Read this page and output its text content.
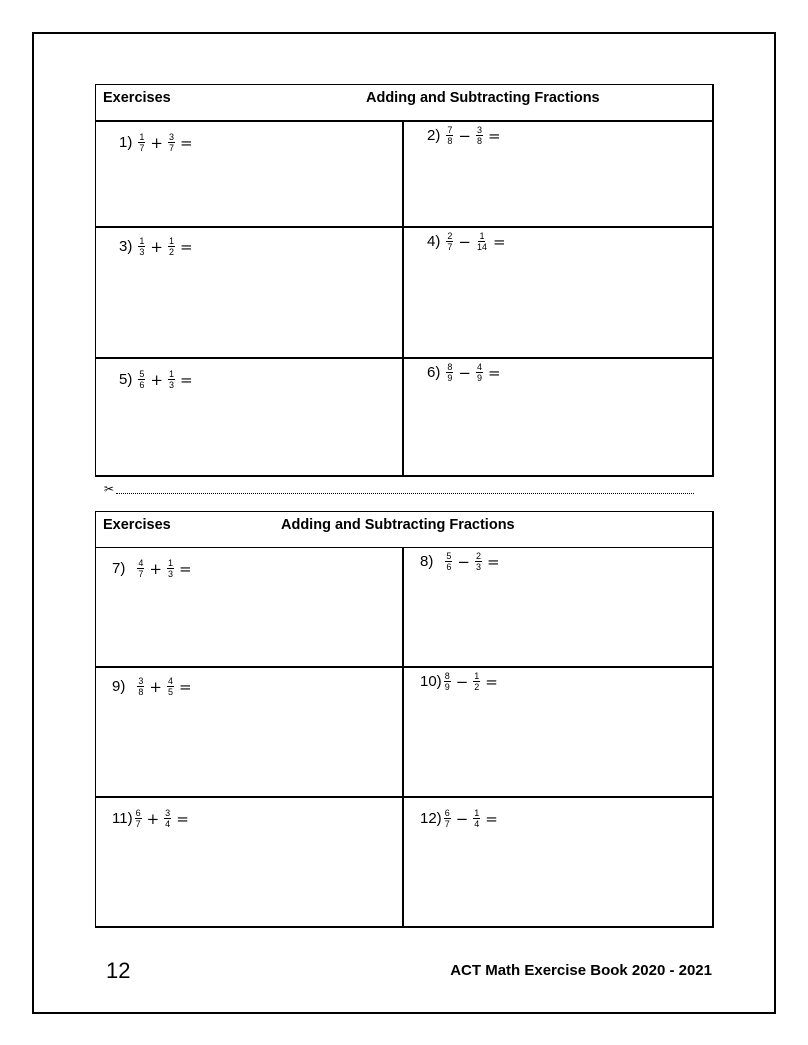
Exercises	Adding and Subtracting Fractions
$1) \frac{1}{7} + \frac{3}{7}$ =	$2) \frac{7}{8} - \frac{3}{8}$ =
$3) \frac{1}{3} + \frac{1}{2}$ =	$4) \frac{2}{7} - \frac{1}{14}$ =
$5) \frac{5}{6} + \frac{1}{3}$ =	$6) \frac{8}{9} - \frac{4}{9}$ =
✂
Exercises	Adding and Subtracting Fractions
$7) \frac{4}{7} + \frac{1}{3}$ =	$8) \frac{5}{6} - \frac{2}{3}$ =
$9) \frac{3}{8} + \frac{4}{5}$ =	$10) \frac{8}{9} - \frac{1}{2}$ =
$11) \frac{6}{7} + \frac{3}{4}$ =	$12) \frac{6}{7} - \frac{1}{4}$ =
12	ACT Math Exercise Book 2020 - 2021
